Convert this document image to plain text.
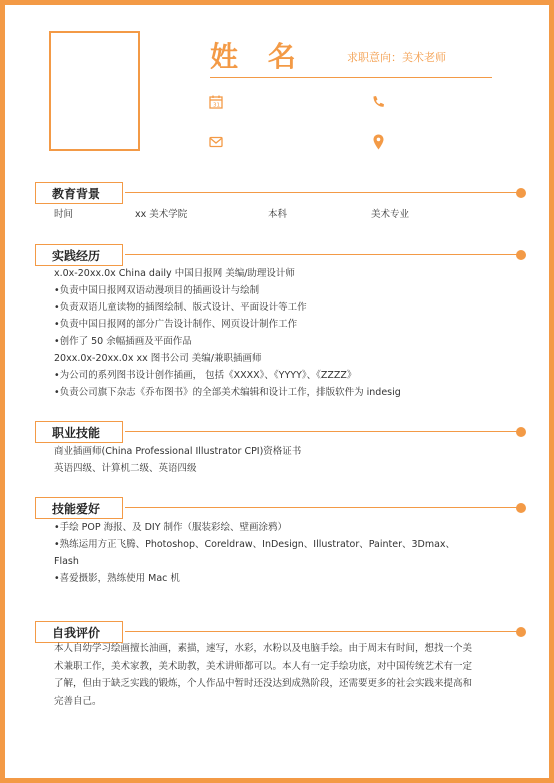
姓 名	求职意向：美术老师
31
教育背景
时间	xx 美术学院	本科	美术专业
实践经历
x.0x-20xx.0x China daily 中国日报网 美编/助理设计师
•负责中国日报网双语动漫项目的插画设计与绘制
•负责双语儿童读物的插图绘制、版式设计、平面设计等工作
•负责中国日报网的部分广告设计制作、网页设计制作工作
•创作了 50 余幅插画及平面作品
20xx.0x-20xx.0x xx 图书公司 美编/兼职插画师
•为公司的系列图书设计创作插画， 包括《XXXX》、《YYYY》、《ZZZZ》
•负责公司旗下杂志《乔布图书》的全部美术编辑和设计工作，排版软件为 indesig
职业技能
商业插画师(China Professional Illustrator CPI)资格证书
英语四级、计算机二级、英语四级
技能爱好
•手绘 POP 海报、及 DIY 制作（服装彩绘、壁画涂鸦）
•熟练运用方正飞腾、Photoshop、Coreldraw、InDesign、Illustrator、Painter、3Dmax、
Flash
•喜爱摄影，熟练使用 Mac 机
自我评价
本人自幼学习绘画擅长油画，素描，速写，水彩，水粉以及电脑手绘。由于周末有时间，想找一个美术兼职工作，美术家教，美术助教，美术讲师都可以。本人有一定手绘功底，对中国传统艺术有一定了解，但由于缺乏实践的锻炼，个人作品中暂时还没达到成熟阶段，还需要更多的社会实践来提高和完善自己。
